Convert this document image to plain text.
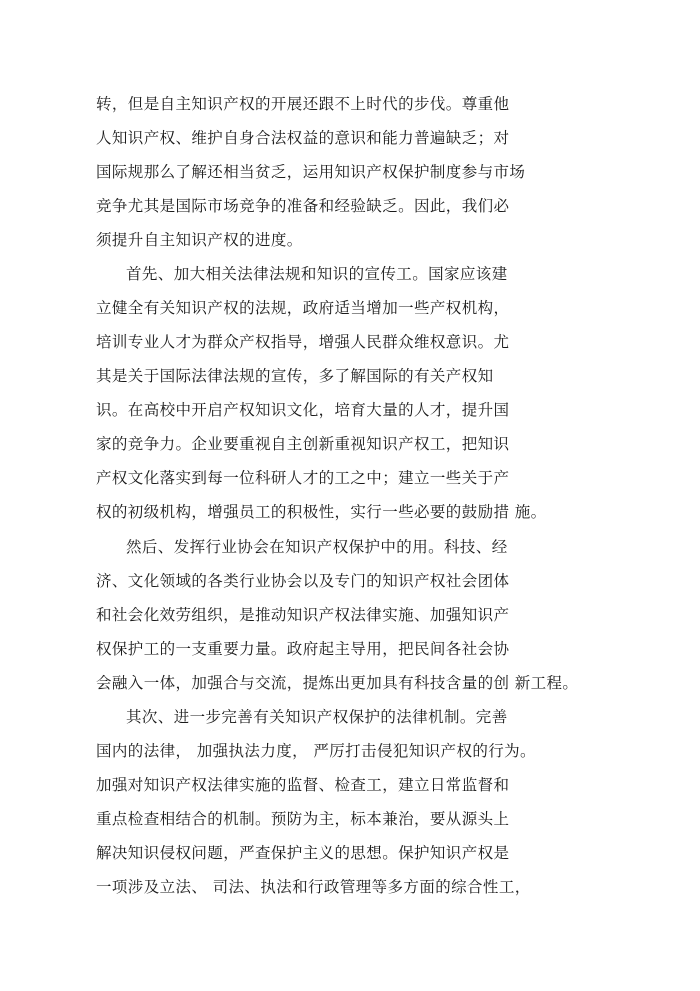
转，但是自主知识产权的开展还跟不上时代的步伐。尊重他
人知识产权、维护自身合法权益的意识和能力普遍缺乏；对
国际规那么了解还相当贫乏，运用知识产权保护制度参与市场
竞争尤其是国际市场竞争的准备和经验缺乏。因此，我们必
须提升自主知识产权的进度。
首先、加大相关法律法规和知识的宣传工。国家应该建
立健全有关知识产权的法规，政府适当增加一些产权机构，
培训专业人才为群众产权指导，增强人民群众维权意识。尤
其是关于国际法律法规的宣传，多了解国际的有关产权知
识。在高校中开启产权知识文化，培育大量的人才，提升国
家的竞争力。企业要重视自主创新重视知识产权工，把知识
产权文化落实到每一位科研人才的工之中；建立一些关于产
权的初级机构，增强员工的积极性，实行一些必要的鼓励措 施。
然后、发挥行业协会在知识产权保护中的用。科技、经
济、文化领域的各类行业协会以及专门的知识产权社会团体
和社会化效劳组织，是推动知识产权法律实施、加强知识产
权保护工的一支重要力量。政府起主导用，把民间各社会协
会融入一体，加强合与交流，提炼出更加具有科技含量的创 新工程。
其次、进一步完善有关知识产权保护的法律机制。完善
国内的法律， 加强执法力度， 严厉打击侵犯知识产权的行为。
加强对知识产权法律实施的监督、检查工，建立日常监督和
重点检查相结合的机制。预防为主，标本兼治，要从源头上
解决知识侵权问题，严查保护主义的思想。保护知识产权是
一项涉及立法、 司法、执法和行政管理等多方面的综合性工，
